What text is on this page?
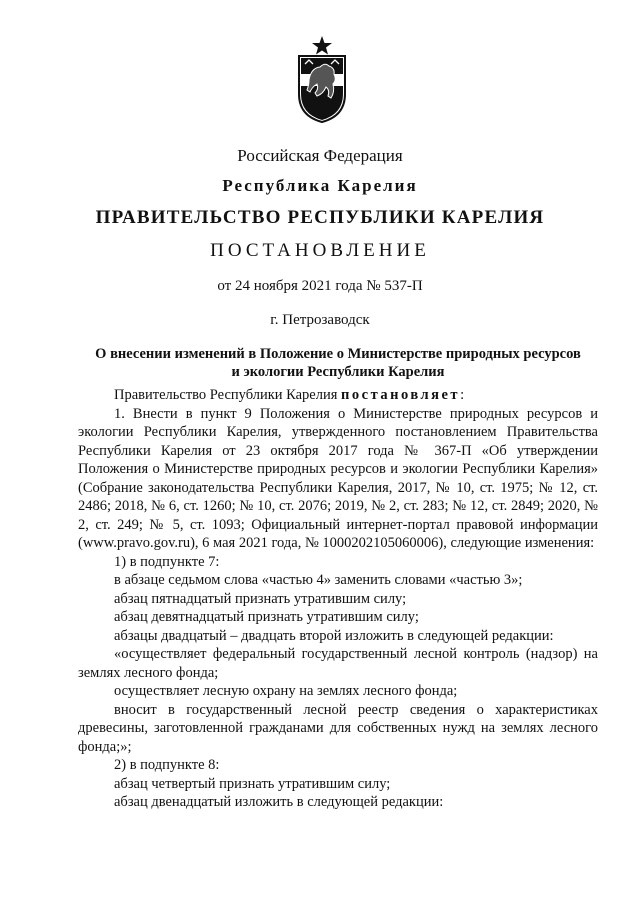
Российская Федерация
Республика Карелия
ПРАВИТЕЛЬСТВО РЕСПУБЛИКИ КАРЕЛИЯ
ПОСТАНОВЛЕНИЕ
от 24 ноября 2021 года № 537-П
г. Петрозаводск
О внесении изменений в Положение о Министерстве природных ресурсов
и экологии Республики Карелия

Правительство Республики Карелия постановляет:

1. Внести в пункт 9 Положения о Министерстве природных ресурсов и экологии Республики Карелия, утвержденного постановлением Правительства Республики Карелия от 23 октября 2017 года № 367-П «Об утверждении Положения о Министерстве природных ресурсов и экологии Республики Карелия» (Собрание законодательства Республики Карелия, 2017, № 10, ст. 1975; № 12, ст. 2486; 2018, № 6, ст. 1260; № 10, ст. 2076; 2019, № 2, ст. 283; № 12, ст. 2849; 2020, № 2, ст. 249; № 5, ст. 1093; Официальный интернет-портал правовой информации (www.pravo.gov.ru), 6 мая 2021 года, № 1000202105060006), следующие изменения:

1) в подпункте 7:

в абзаце седьмом слова «частью 4» заменить словами «частью 3»;

абзац пятнадцатый признать утратившим силу;

абзац девятнадцатый признать утратившим силу;

абзацы двадцатый – двадцать второй изложить в следующей редакции:

«осуществляет федеральный государственный лесной контроль (надзор) на землях лесного фонда;

осуществляет лесную охрану на землях лесного фонда;

вносит в государственный лесной реестр сведения о характеристиках древесины, заготовленной гражданами для собственных нужд на землях лесного фонда;»;

2) в подпункте 8:

абзац четвертый признать утратившим силу;

абзац двенадцатый изложить в следующей редакции:
